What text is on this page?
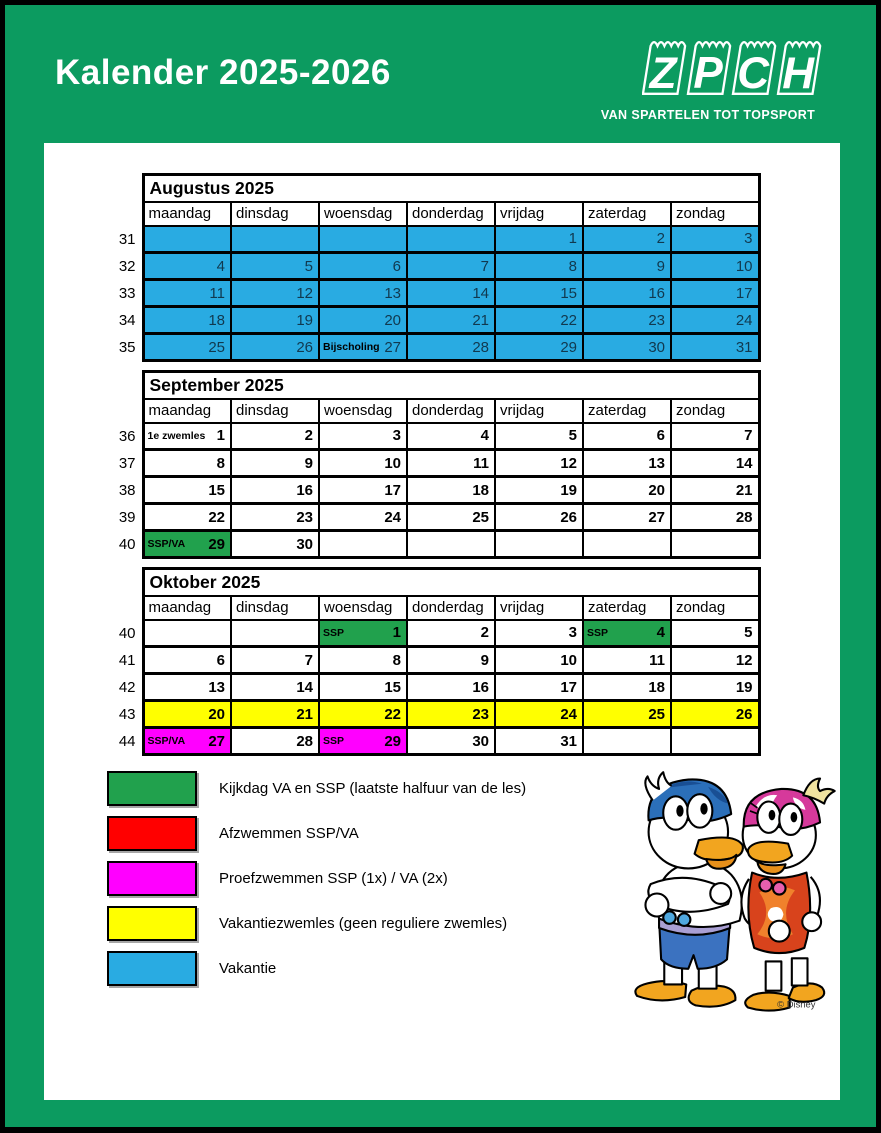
Kalender 2025-2026	Z P C H
VAN SPARTELEN TOT TOPSPORT
	Augustus 2025						
	maandag	dinsdag	woensdag	donderdag	vrijdag	zaterdag	zondag
31					1	2	3

32	4	5	6	7	8	9	10

33	11	12	13	14	15	16	17

34	18	19	20	21	22	23	24

35	25	26	Bijscholing 27	28	29	30	31
	September 2025						
	maandag	dinsdag	woensdag	donderdag	vrijdag	zaterdag	zondag
36	1e zwemles 1	2	3	4	5	6	7

37	8	9	10	11	12	13	14

38	15	16	17	18	19	20	21

39	22	23	24	25	26	27	28

40	SSP/VA 29	30					

	Oktober 2025						
	maandag	dinsdag	woensdag	donderdag	vrijdag	zaterdag	zondag
40			SSP 1	2	3	SSP 4	5

41	6	7	8	9	10	11	12

42	13	14	15	16	17	18	19

43	20	21	22	23	24	25	26

44	SSP/VA 27	28	SSP 29	30	31		

Kijkdag VA en SSP (laatste halfuur van de les)
Afzwemmen SSP/VA
Proefzwemmen SSP (1x) / VA (2x)
Vakantiezwemles (geen reguliere zwemles)
Vakantie
© Disney
